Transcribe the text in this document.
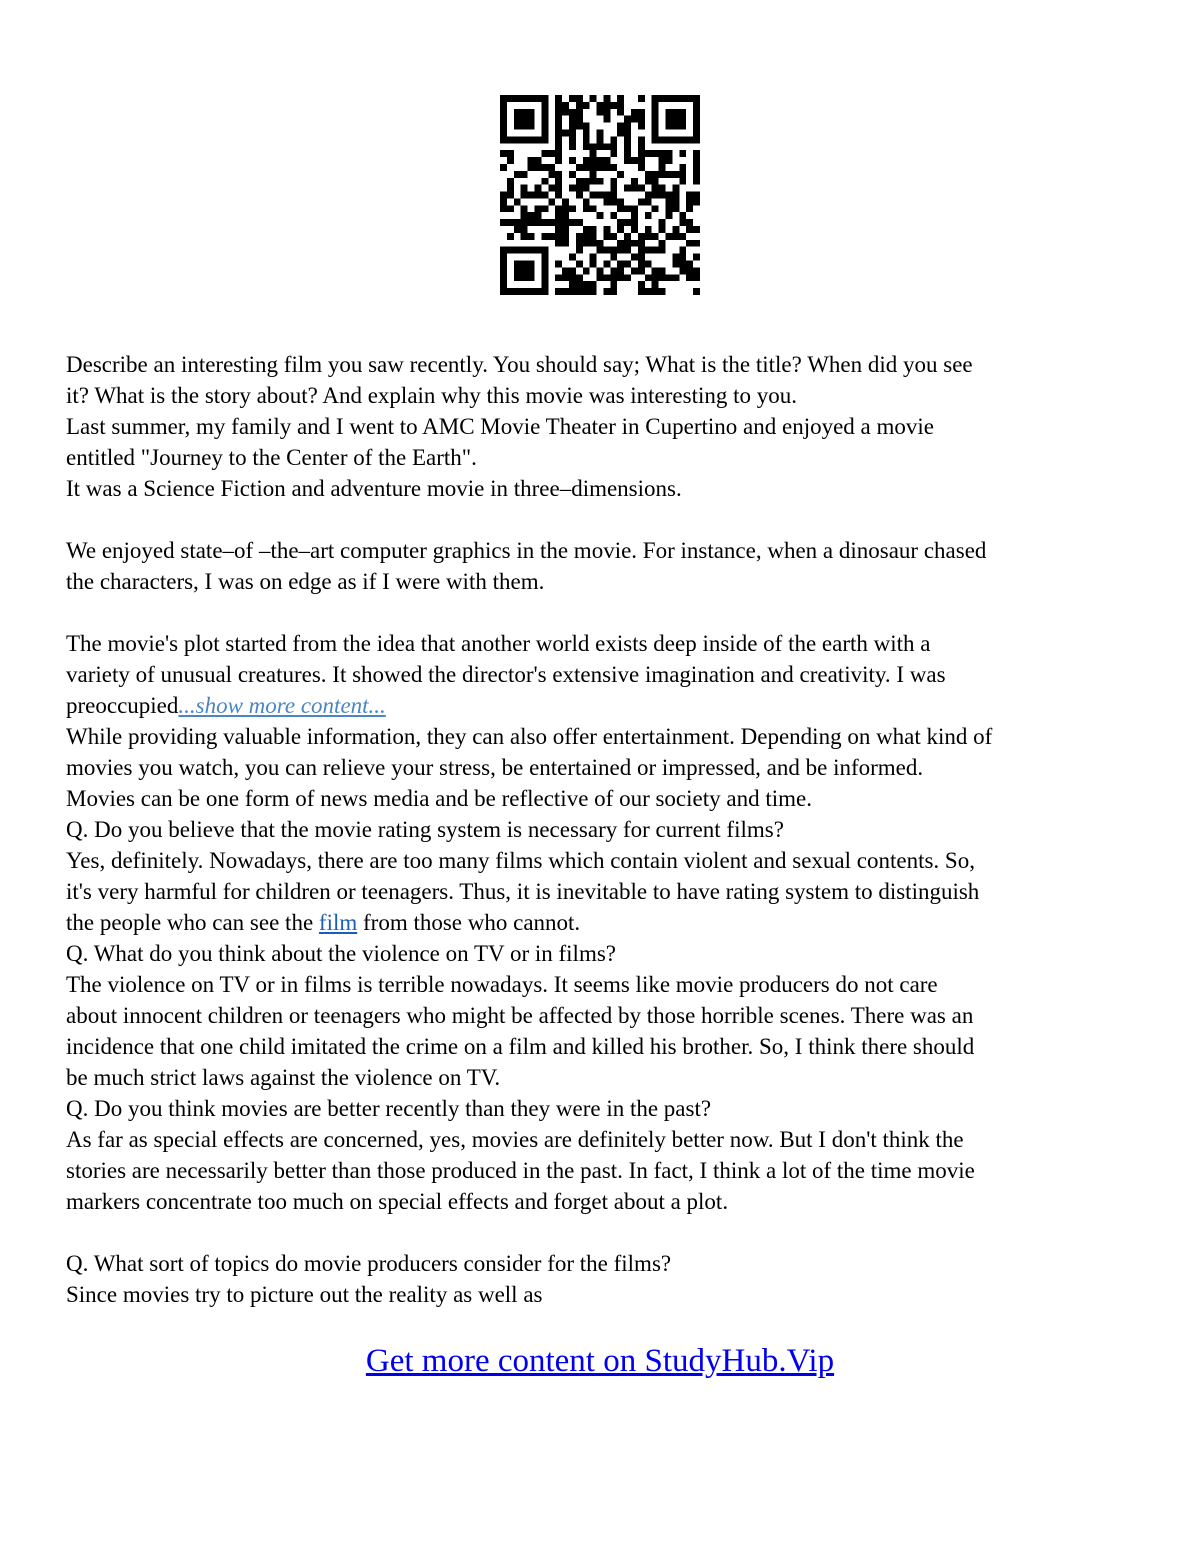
Describe an interesting film you saw recently. You should say; What is the title? When did you see

it? What is the story about? And explain why this movie was interesting to you.

Last summer, my family and I went to AMC Movie Theater in Cupertino and enjoyed a movie

entitled "Journey to the Center of the Earth".

It was a Science Fiction and adventure movie in three–dimensions.

We enjoyed state–of –the–art computer graphics in the movie. For instance, when a dinosaur chased

the characters, I was on edge as if I were with them.

The movie's plot started from the idea that another world exists deep inside of the earth with a

variety of unusual creatures. It showed the director's extensive imagination and creativity. I was

preoccupied...show more content...

While providing valuable information, they can also offer entertainment. Depending on what kind of

movies you watch, you can relieve your stress, be entertained or impressed, and be informed.

Movies can be one form of news media and be reflective of our society and time.

Q. Do you believe that the movie rating system is necessary for current films?

Yes, definitely. Nowadays, there are too many films which contain violent and sexual contents. So,

it's very harmful for children or teenagers. Thus, it is inevitable to have rating system to distinguish

the people who can see the film from those who cannot.

Q. What do you think about the violence on TV or in films?

The violence on TV or in films is terrible nowadays. It seems like movie producers do not care

about innocent children or teenagers who might be affected by those horrible scenes. There was an

incidence that one child imitated the crime on a film and killed his brother. So, I think there should

be much strict laws against the violence on TV.

Q. Do you think movies are better recently than they were in the past?

As far as special effects are concerned, yes, movies are definitely better now. But I don't think the

stories are necessarily better than those produced in the past. In fact, I think a lot of the time movie

markers concentrate too much on special effects and forget about a plot.

Q. What sort of topics do movie producers consider for the films?

Since movies try to picture out the reality as well as

Get more content on StudyHub.Vip
